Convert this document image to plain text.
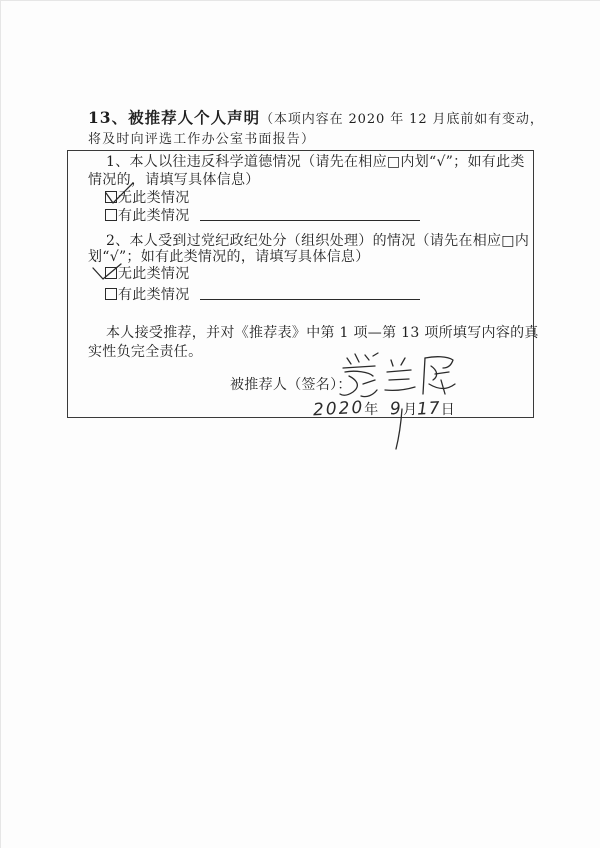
13、被推荐人个人声明（本项内容在 2020 年 12 月底前如有变动，
将及时向评选工作办公室书面报告）
1、本人以往违反科学道德情况（请先在相应□内划“√”；如有此类
情况的，请填写具体信息）
无此类情况
有此类情况
2、本人受到过党纪政纪处分（组织处理）的情况（请先在相应□内
划“√”；如有此类情况的，请填写具体信息）
无此类情况
有此类情况
本人接受推荐，并对《推荐表》中第 1 项—第 13 项所填写内容的真
实性负完全责任。
被推荐人（签名）：
2020年 9月17日
